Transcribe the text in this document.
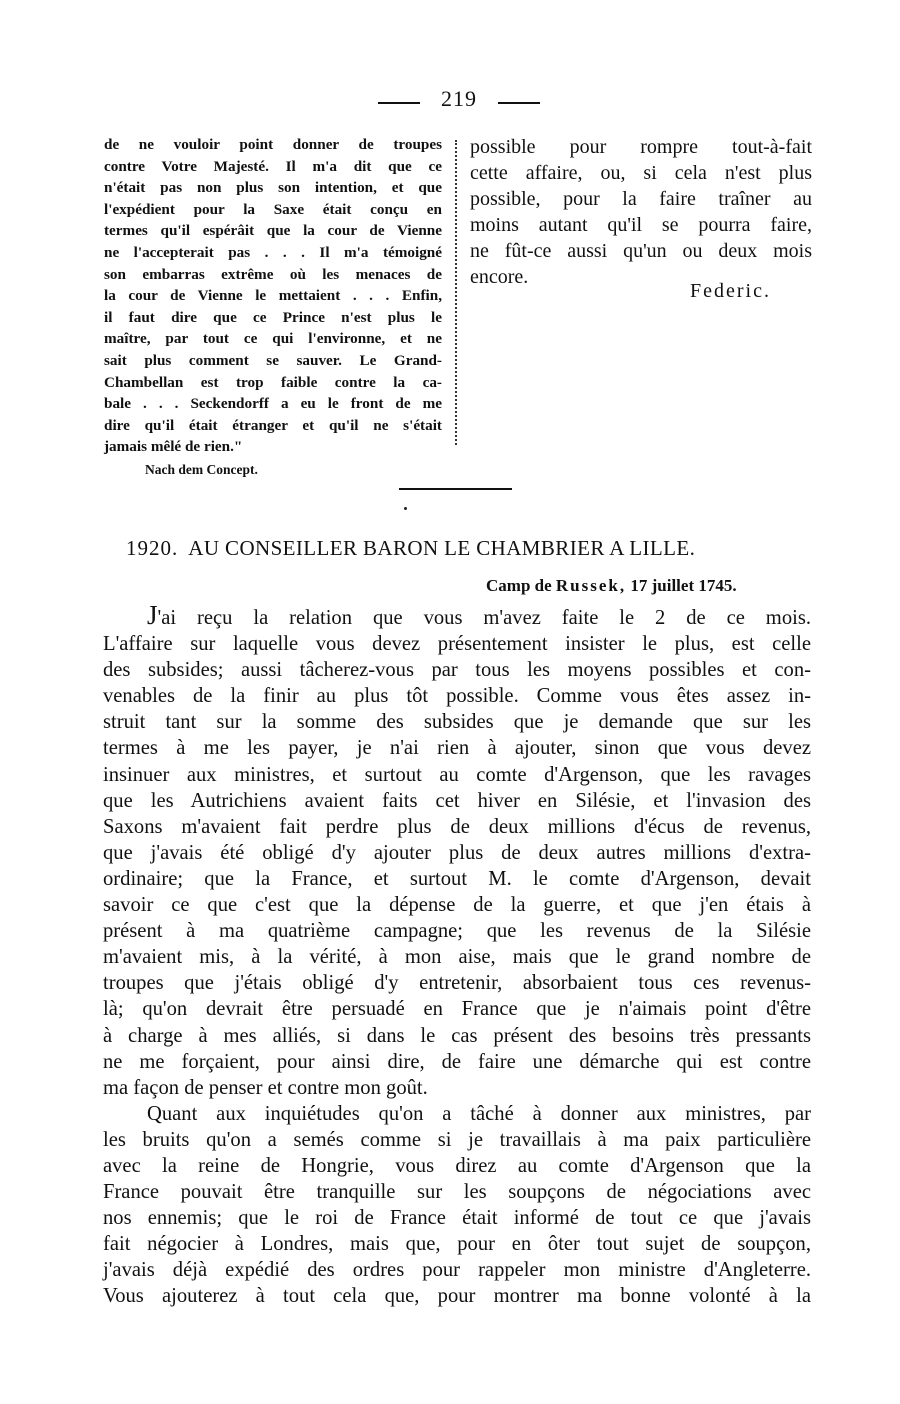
219
de ne vouloir point donner de troupes
contre Votre Majesté. Il m'a dit que ce
n'était pas non plus son intention, et que
l'expédient pour la Saxe était conçu en
termes qu'il espérâit que la cour de Vienne
ne l'accepterait pas . . . Il m'a témoigné
son embarras extrême où les menaces de
la cour de Vienne le mettaient . . . Enfin,
il faut dire que ce Prince n'est plus le
maître, par tout ce qui l'environne, et ne
sait plus comment se sauver. Le Grand-
Chambellan est trop faible contre la ca-
bale . . . Seckendorff a eu le front de me
dire qu'il était étranger et qu'il ne s'était
jamais mêlé de rien."
possible pour rompre tout-à-fait
cette affaire, ou, si cela n'est plus
possible, pour la faire traîner au
moins autant qu'il se pourra faire,
ne fût-ce aussi qu'un ou deux mois
encore.
Federic.
Nach dem Concept.
1920. AU CONSEILLER BARON LE CHAMBRIER A LILLE.
Camp de Russek, 17 juillet 1745.
J'ai reçu la relation que vous m'avez faite le 2 de ce mois.
L'affaire sur laquelle vous devez présentement insister le plus, est celle
des subsides; aussi tâcherez-vous par tous les moyens possibles et con-
venables de la finir au plus tôt possible. Comme vous êtes assez in-
struit tant sur la somme des subsides que je demande que sur les
termes à me les payer, je n'ai rien à ajouter, sinon que vous devez
insinuer aux ministres, et surtout au comte d'Argenson, que les ravages
que les Autrichiens avaient faits cet hiver en Silésie, et l'invasion des
Saxons m'avaient fait perdre plus de deux millions d'écus de revenus,
que j'avais été obligé d'y ajouter plus de deux autres millions d'extra-
ordinaire; que la France, et surtout M. le comte d'Argenson, devait
savoir ce que c'est que la dépense de la guerre, et que j'en étais à
présent à ma quatrième campagne; que les revenus de la Silésie
m'avaient mis, à la vérité, à mon aise, mais que le grand nombre de
troupes que j'étais obligé d'y entretenir, absorbaient tous ces revenus-
là; qu'on devrait être persuadé en France que je n'aimais point d'être
à charge à mes alliés, si dans le cas présent des besoins très pressants
ne me forçaient, pour ainsi dire, de faire une démarche qui est contre
ma façon de penser et contre mon goût.
Quant aux inquiétudes qu'on a tâché à donner aux ministres, par
les bruits qu'on a semés comme si je travaillais à ma paix particulière
avec la reine de Hongrie, vous direz au comte d'Argenson que la
France pouvait être tranquille sur les soupçons de négociations avec
nos ennemis; que le roi de France était informé de tout ce que j'avais
fait négocier à Londres, mais que, pour en ôter tout sujet de soupçon,
j'avais déjà expédié des ordres pour rappeler mon ministre d'Angleterre.
Vous ajouterez à tout cela que, pour montrer ma bonne volonté à la
